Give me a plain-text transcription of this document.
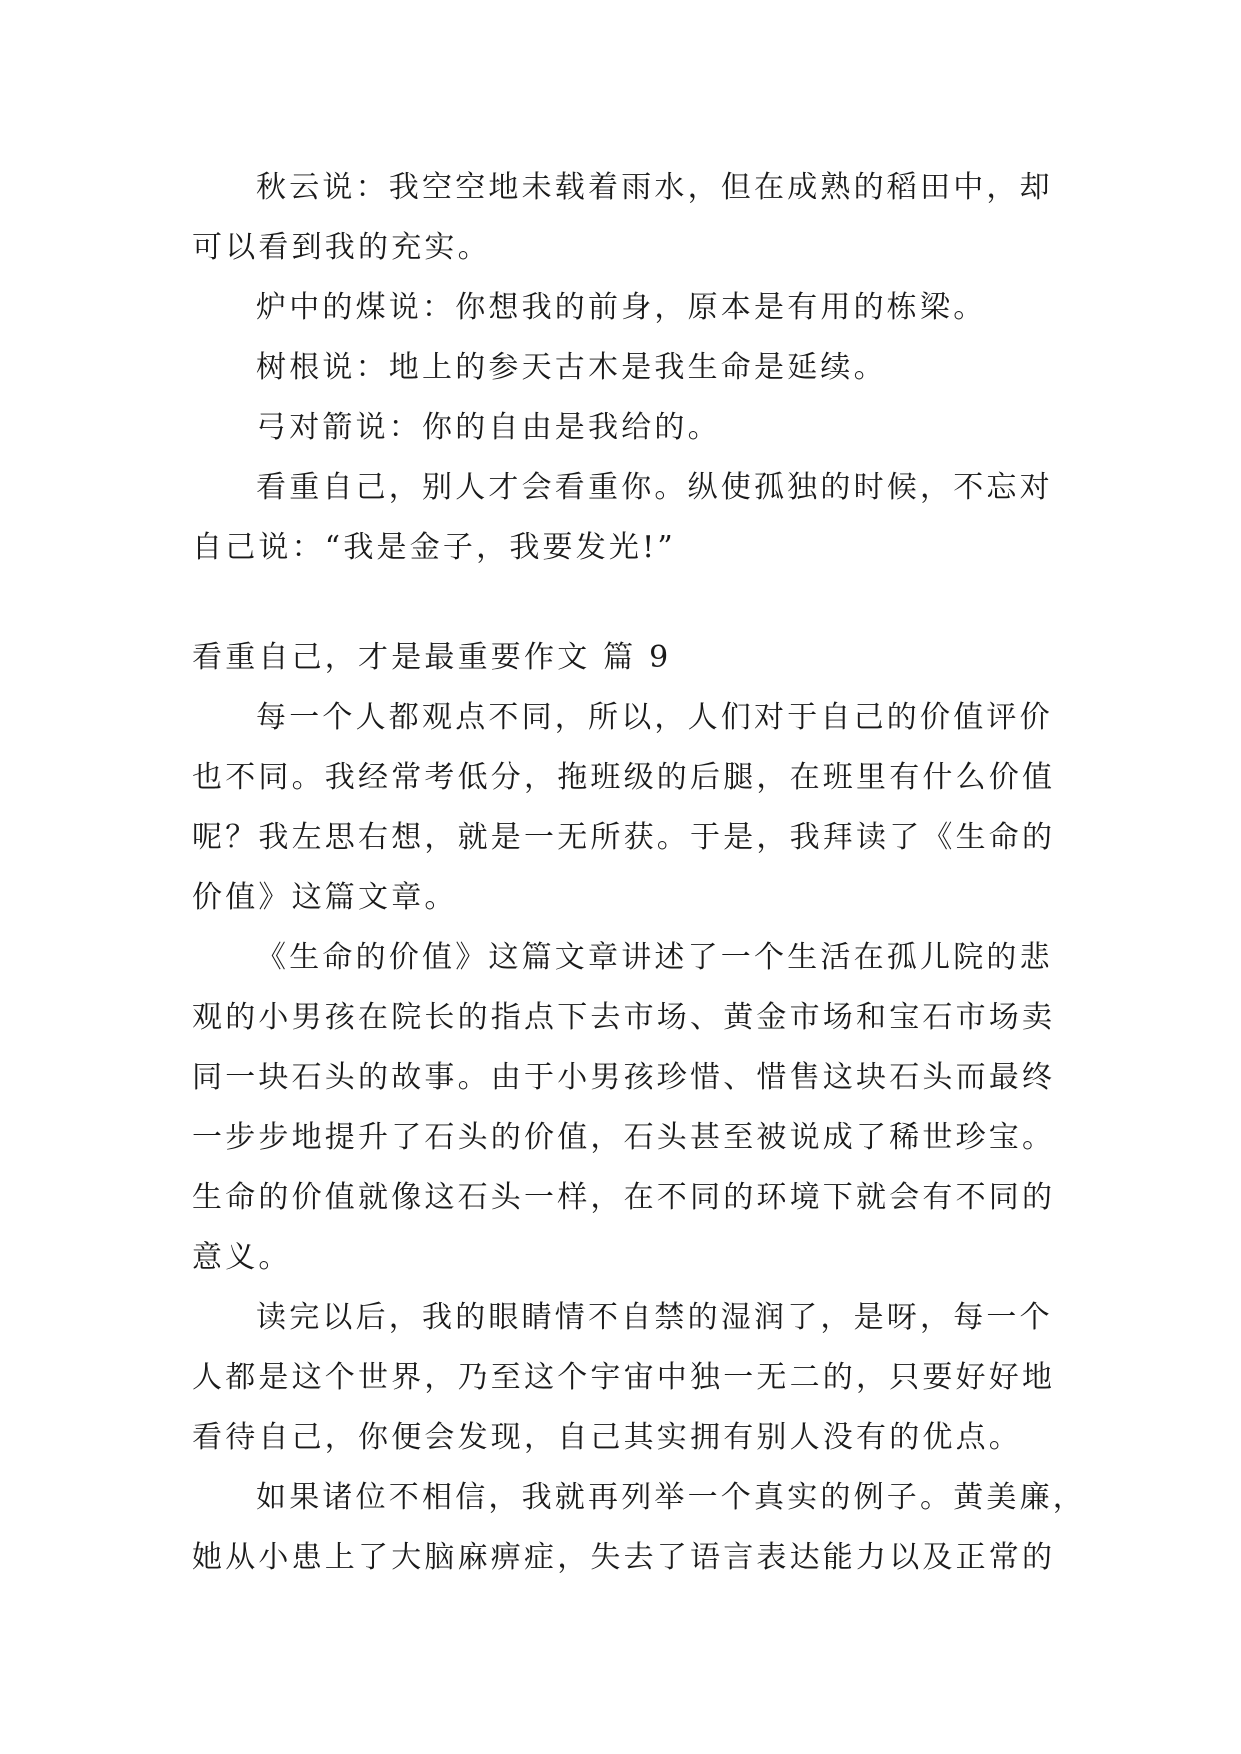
秋云说：我空空地未载着雨水，但在成熟的稻田中，却

可以看到我的充实。

炉中的煤说：你想我的前身，原本是有用的栋梁。

树根说：地上的参天古木是我生命是延续。

弓对箭说：你的自由是我给的。

看重自己，别人才会看重你。纵使孤独的时候，不忘对

自己说：“我是金子，我要发光!”

看重自己，才是最重要作文 篇 9

每一个人都观点不同，所以，人们对于自己的价值评价

也不同。我经常考低分，拖班级的后腿，在班里有什么价值

呢？我左思右想，就是一无所获。于是，我拜读了《生命的

价值》这篇文章。

《生命的价值》这篇文章讲述了一个生活在孤儿院的悲

观的小男孩在院长的指点下去市场、黄金市场和宝石市场卖

同一块石头的故事。由于小男孩珍惜、惜售这块石头而最终

一步步地提升了石头的价值，石头甚至被说成了稀世珍宝。

生命的价值就像这石头一样，在不同的环境下就会有不同的

意义。

读完以后，我的眼睛情不自禁的湿润了，是呀，每一个

人都是这个世界，乃至这个宇宙中独一无二的，只要好好地

看待自己，你便会发现，自己其实拥有别人没有的优点。

如果诸位不相信，我就再列举一个真实的例子。黄美廉，

她从小患上了大脑麻痹症，失去了语言表达能力以及正常的
